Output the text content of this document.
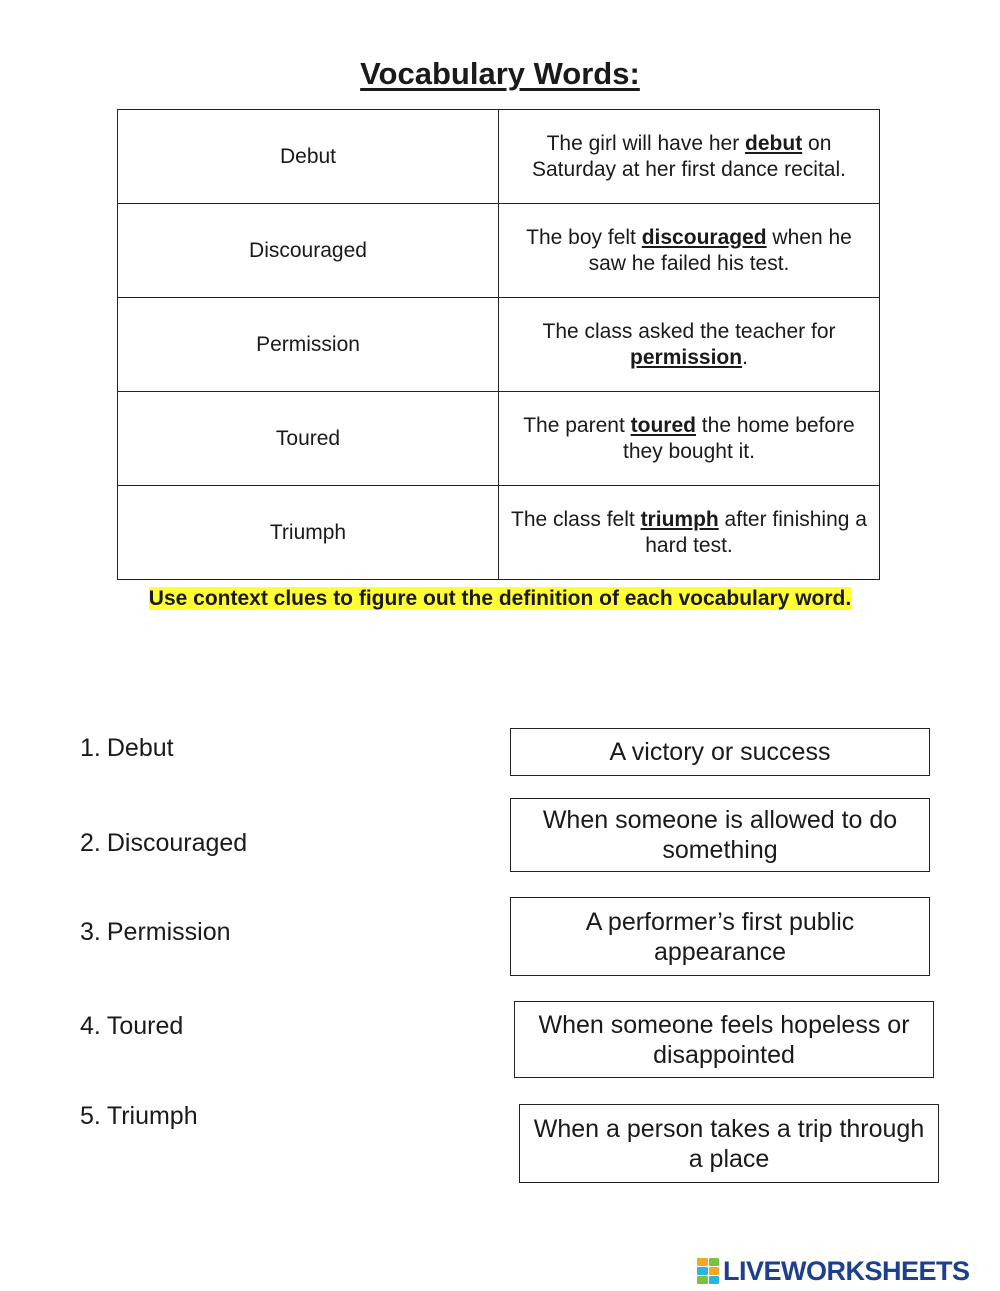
Vocabulary Words:
Debut	The girl will have her debut on Saturday at her first dance recital.
Discouraged	The boy felt discouraged when he saw he failed his test.
Permission	The class asked the teacher for
permission.
Toured	The parent toured the home before they bought it.
Triumph	The class felt triumph after finishing a hard test.
Use context clues to figure out the definition of each vocabulary word.
1. Debut
2. Discouraged
3. Permission
4. Toured
5. Triumph
A victory or success
When someone is allowed to do something
A performer’s first public appearance
When someone feels hopeless or disappointed
When a person takes a trip through a place
LIVEWORKSHEETS
